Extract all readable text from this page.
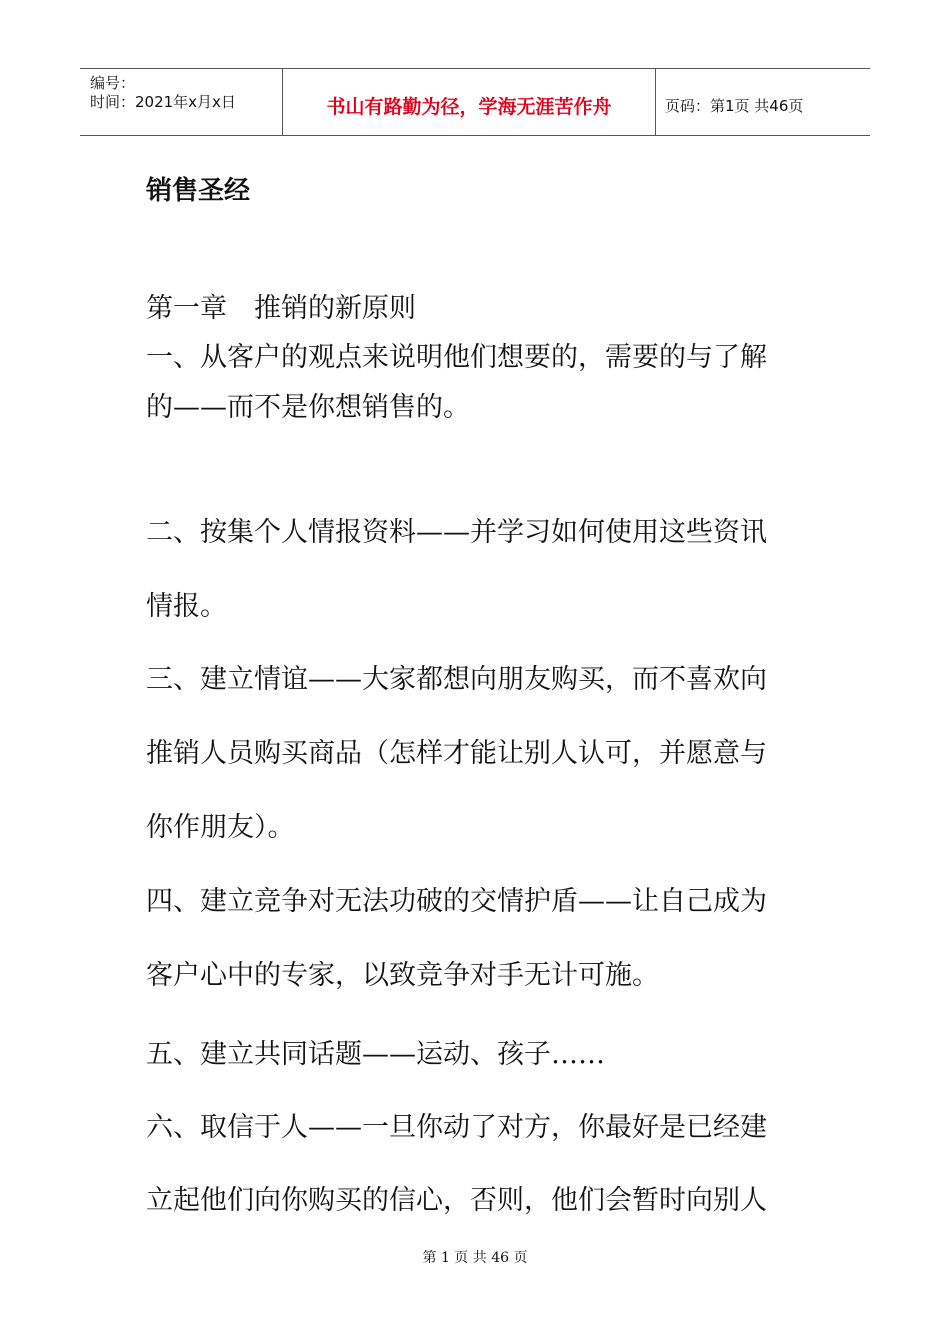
编号：
时间：2021年x月x日	书山有路勤为径，学海无涯苦作舟	页码：第1页 共46页
销售圣经
第一章　推销的新原则
一、从客户的观点来说明他们想要的，需要的与了解
的——而不是你想销售的。
二、按集个人情报资料——并学习如何使用这些资讯
情报。
三、建立情谊——大家都想向朋友购买，而不喜欢向
推销人员购买商品（怎样才能让别人认可，并愿意与
你作朋友）。
四、建立竞争对无法功破的交情护盾——让自己成为
客户心中的专家，以致竞争对手无计可施。
五、建立共同话题——运动、孩子……
六、取信于人——一旦你动了对方，你最好是已经建
立起他们向你购买的信心，否则，他们会暂时向别人
第 1 页 共 46 页
